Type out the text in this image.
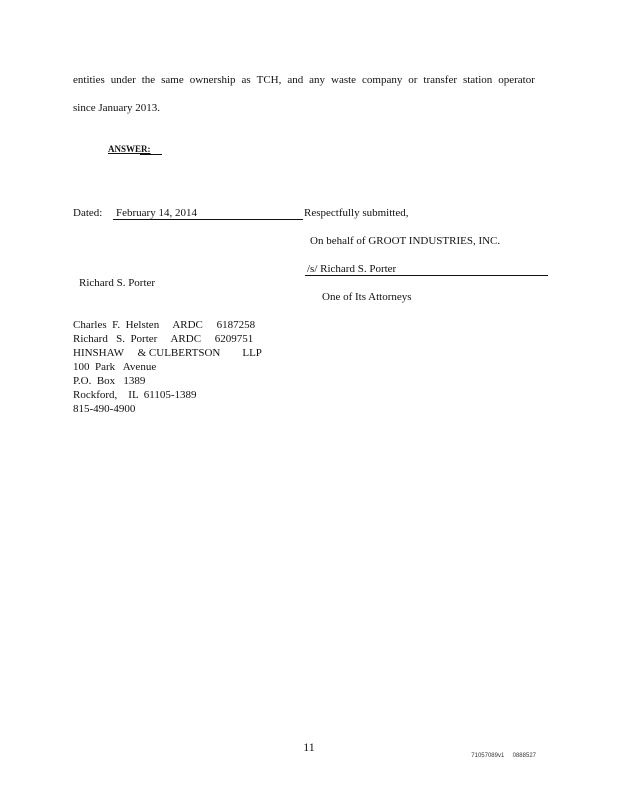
entities under the same ownership as TCH, and any waste company or transfer station operator
since January 2013.
ANSWER:
Dated: February 14, 2014	Respectfully submitted,
On behalf of GROOT INDUSTRIES, INC.
/s/ Richard S. Porter
One of Its Attorneys
Richard S. Porter
Charles  F.  Helsten     ARDC     6187258
Richard   S.  Porter     ARDC     6209751
HINSHAW     & CULBERTSON        LLP
100  Park   Avenue
P.O.  Box   1389
Rockford,    IL  61105-1389
815-490-4900
11
71057089v1     0888527
